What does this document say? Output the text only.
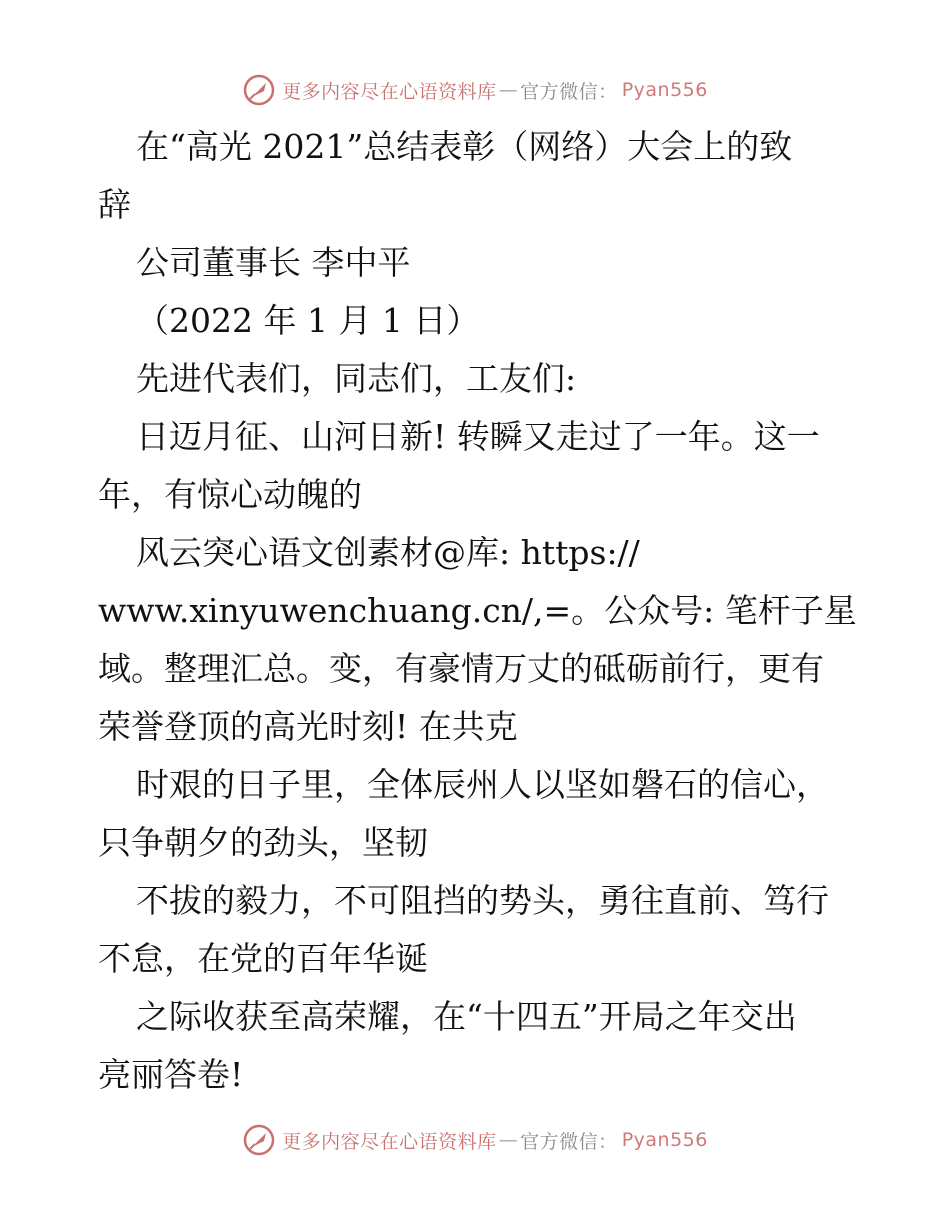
更多内容尽在心语资料库 — 官方微信： Pyan556
在“高光 2021”总结表彰（网络）大会上的致
辞
公司董事长 李中平
（2022 年 1 月 1 日）
先进代表们，同志们，工友们:
日迈月征、山河日新! 转瞬又走过了一年。这一
年，有惊心动魄的
风云突心语文创素材@库: https://
www.xinyuwenchuang.cn/,=。公众号: 笔杆子星
域。整理汇总。变，有豪情万丈的砥砺前行，更有
荣誉登顶的高光时刻! 在共克
时艰的日子里，全体辰州人以坚如磐石的信心，
只争朝夕的劲头，坚韧
不拔的毅力，不可阻挡的势头，勇往直前、笃行
不怠，在党的百年华诞
之际收获至高荣耀，在“十四五”开局之年交出
亮丽答卷!
更多内容尽在心语资料库 — 官方微信： Pyan556
